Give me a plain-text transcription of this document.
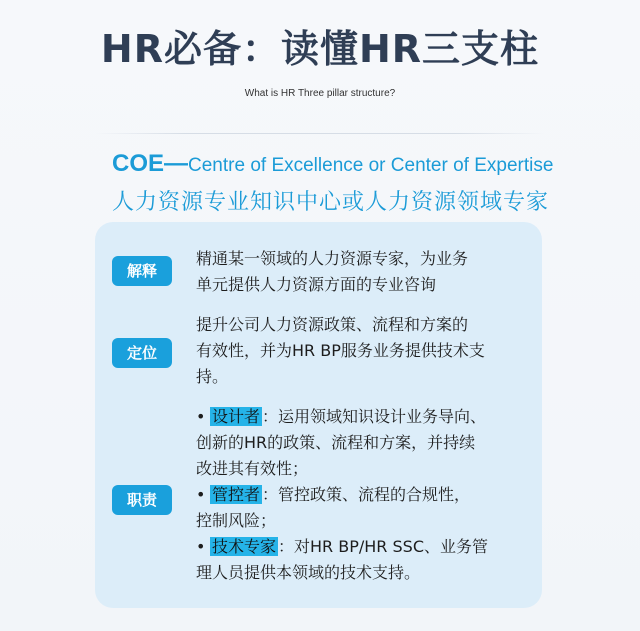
HR必备：读懂HR三支柱
What is HR Three pillar structure?
COE—Centre of Excellence or Center of Expertise
人力资源专业知识中心或人力资源领域专家
解释
精通某一领域的人力资源专家，为业务
单元提供人力资源方面的专业咨询
定位
提升公司人力资源政策、流程和方案的
有效性，并为HR BP服务业务提供技术支
持。
职责
• 设计者 ：运用领域知识设计业务导向、
创新的HR的政策、流程和方案，并持续
改进其有效性；
• 管控者 ：管控政策、流程的合规性，
控制风险；
• 技术专家 ：对HR BP/HR SSC、业务管
理人员提供本领域的技术支持。
